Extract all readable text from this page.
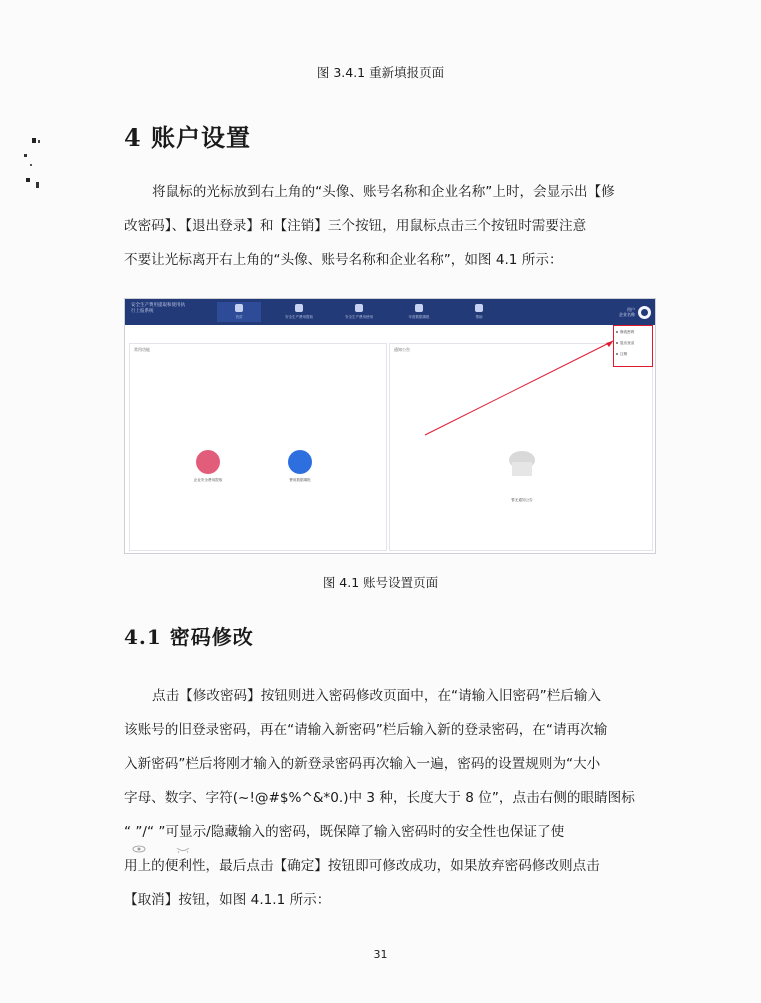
图 3.4.1 重新填报页面
4 账户设置

将鼠标的光标放到右上角的“头像、账号名称和企业名称”上时，会显示出【修

改密码】、【退出登录】和【注销】三个按钮，用鼠标点击三个按钮时需要注意

不要让光标离开右上角的“头像、账号名称和企业名称”，如图 4.1 所示：

安全生产费用提取和使用执行上报系统
首页	安全生产费用提取	安全生产费用使用	年度数据填报	帮助
用户
企业名称
常用功能
企业安全费用提取	费用数据填报
通知公告
暂无通知公告
修改密码
退出登录
注销
图 4.1 账号设置页面
4.1 密码修改

点击【修改密码】按钮则进入密码修改页面中，在“请输入旧密码”栏后输入

该账号的旧登录密码，再在“请输入新密码”栏后输入新的登录密码，在“请再次输

入新密码”栏后将刚才输入的新登录密码再次输入一遍，密码的设置规则为“大小

字母、数字、字符(~!@#$%^&*0.)中 3 种，长度大于 8 位”，点击右侧的眼睛图标

“ ”/“ ”可显示/隐藏输入的密码，既保障了输入密码时的安全性也保证了使

用上的便利性，最后点击【确定】按钮即可修改成功，如果放弃密码修改则点击

【取消】按钮，如图 4.1.1 所示：

31
